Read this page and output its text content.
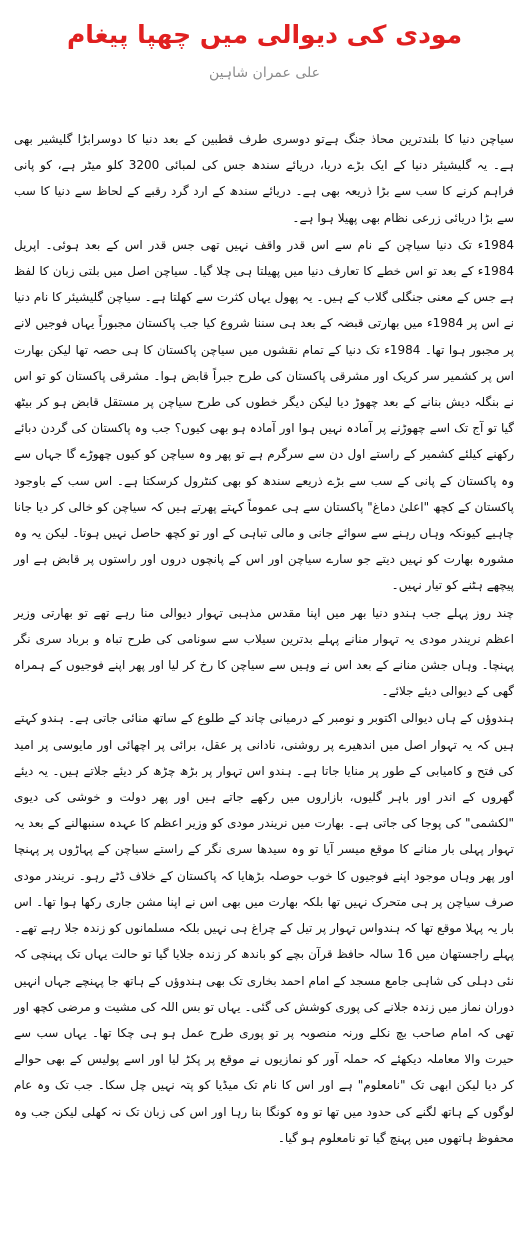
مودی کی دیوالی میں چھپا پیغام

علی عمران شاہین

سیاچن دنیا کا بلندترین محاذ جنگ ہےتو دوسری طرف قطبین کے بعد دنیا کا دوسرابڑا گلیشیر بھی ہے۔ یہ گلیشیئر دنیا کے ایک بڑے دریا، دریائے سندھ جس کی لمبائی 3200 کلو میٹر ہے، کو پانی فراہم کرنے کا سب سے بڑا ذریعہ بھی ہے۔ دریائے سندھ کے ارد گرد رقبے کے لحاظ سے دنیا کا سب سے بڑا دریائی زرعی نظام بھی پھیلا ہوا ہے۔

1984ء تک دنیا سیاچن کے نام سے اس قدر واقف نہیں تھی جس قدر اس کے بعد ہوئی۔ اپریل 1984ء کے بعد تو اس خطے کا تعارف دنیا میں پھیلتا ہی چلا گیا۔ سیاچن اصل میں بلتی زبان کا لفظ ہے جس کے معنی جنگلی گلاب کے ہیں۔ یہ پھول یہاں کثرت سے کھلتا ہے۔ سیاچن گلیشیئر کا نام دنیا نے اس پر 1984ء میں بھارتی قبضہ کے بعد ہی سننا شروع کیا جب پاکستان مجبوراً یہاں فوجیں لانے پر مجبور ہوا تھا۔ 1984ء تک دنیا کے تمام نقشوں میں سیاچن پاکستان کا ہی حصہ تھا لیکن بھارت اس پر کشمیر سر کریک اور مشرقی پاکستان کی طرح جبراً قابض ہوا۔ مشرقی پاکستان کو تو اس نے بنگلہ دیش بنانے کے بعد چھوڑ دیا لیکن دیگر خطوں کی طرح سیاچن پر مستقل قابض ہو کر بیٹھ گیا تو آج تک اسے چھوڑنے پر آمادہ نہیں ہوا اور آمادہ ہو بھی کیوں؟ جب وہ پاکستان کی گردن دبائے رکھنے کیلئے کشمیر کے راستے اول دن سے سرگرم ہے تو پھر وہ سیاچن کو کیوں چھوڑے گا جہاں سے وہ پاکستان کے پانی کے سب سے بڑے ذریعے سندھ کو بھی کنٹرول کرسکتا ہے۔ اس سب کے باوجود پاکستان کے کچھ "اعلیٰ دماغ" پاکستان سے ہی عموماً کہتے پھرتے ہیں کہ سیاچن کو خالی کر دیا جانا چاہیے کیونکہ وہاں رہنے سے سوائے جانی و مالی تباہی کے اور تو کچھ حاصل نہیں ہوتا۔ لیکن یہ وہ مشورہ بھارت کو نہیں دیتے جو سارے سیاچن اور اس کے پانچوں دروں اور راستوں پر قابض ہے اور پیچھے ہٹنے کو تیار نہیں۔

چند روز پہلے جب ہندو دنیا بھر میں اپنا مقدس مذہبی تہوار دیوالی منا رہے تھے تو بھارتی وزیر اعظم نریندر مودی یہ تہوار منانے پہلے بدترین سیلاب سے سونامی کی طرح تباہ و برباد سری نگر پہنچا۔ وہاں جشن منانے کے بعد اس نے وہیں سے سیاچن کا رخ کر لیا اور پھر اپنے فوجیوں کے ہمراہ گھی کے دیوالی دیئے جلائے۔

ہندوؤں کے ہاں دیوالی اکتوبر و نومبر کے درمیانی چاند کے طلوع کے ساتھ منائی جاتی ہے۔ ہندو کہتے ہیں کہ یہ تہوار اصل میں اندھیرے پر روشنی، نادانی پر عقل، برائی پر اچھائی اور مایوسی پر امید کی فتح و کامیابی کے طور پر منایا جاتا ہے۔ ہندو اس تہوار پر بڑھ چڑھ کر دیئے جلاتے ہیں۔ یہ دیئے گھروں کے اندر اور باہر گلیوں، بازاروں میں رکھے جاتے ہیں اور پھر دولت و خوشی کی دیوی "لکشمی" کی پوجا کی جاتی ہے۔ بھارت میں نریندر مودی کو وزیر اعظم کا عہدہ سنبھالنے کے بعد یہ تہوار پہلی بار منانے کا موقع میسر آیا تو وہ سیدھا سری نگر کے راستے سیاچن کے پہاڑوں پر پہنچا اور پھر وہاں موجود اپنے فوجیوں کا خوب حوصلہ بڑھایا کہ پاکستان کے خلاف ڈٹے رہو۔ نریندر مودی صرف سیاچن پر ہی متحرک نہیں تھا بلکہ بھارت میں بھی اس نے اپنا مشن جاری رکھا ہوا تھا۔ اس بار یہ پہلا موقع تھا کہ ہندواس تہوار پر تیل کے چراغ ہی نہیں بلکہ مسلمانوں کو زندہ جلا رہے تھے۔ پہلے راجستھان میں 16 سالہ حافظ قرآن بچے کو باندھ کر زندہ جلایا گیا تو حالت یہاں تک پہنچی کہ نئی دہلی کی شاہی جامع مسجد کے امام احمد بخاری تک بھی ہندوؤں کے ہاتھ جا پہنچے جہاں انہیں دوران نماز میں زندہ جلانے کی پوری کوشش کی گئی۔ یہاں تو بس اللہ کی مشیت و مرضی کچھ اور تھی کہ امام صاحب بچ نکلے ورنہ منصوبہ پر تو پوری طرح عمل ہو ہی چکا تھا۔ یہاں سب سے حیرت والا معاملہ دیکھئے کہ حملہ آور کو نمازیوں نے موقع پر پکڑ لیا اور اسے پولیس کے بھی حوالے کر دیا لیکن ابھی تک "نامعلوم" ہے اور اس کا نام تک میڈیا کو پتہ نہیں چل سکا۔ جب تک وہ عام لوگوں کے ہاتھ لگنے کی حدود میں تھا تو وہ کونگا بنا رہا اور اس کی زبان تک نہ کھلی لیکن جب وہ محفوظ ہاتھوں میں پہنچ گیا تو نامعلوم ہو گیا۔
